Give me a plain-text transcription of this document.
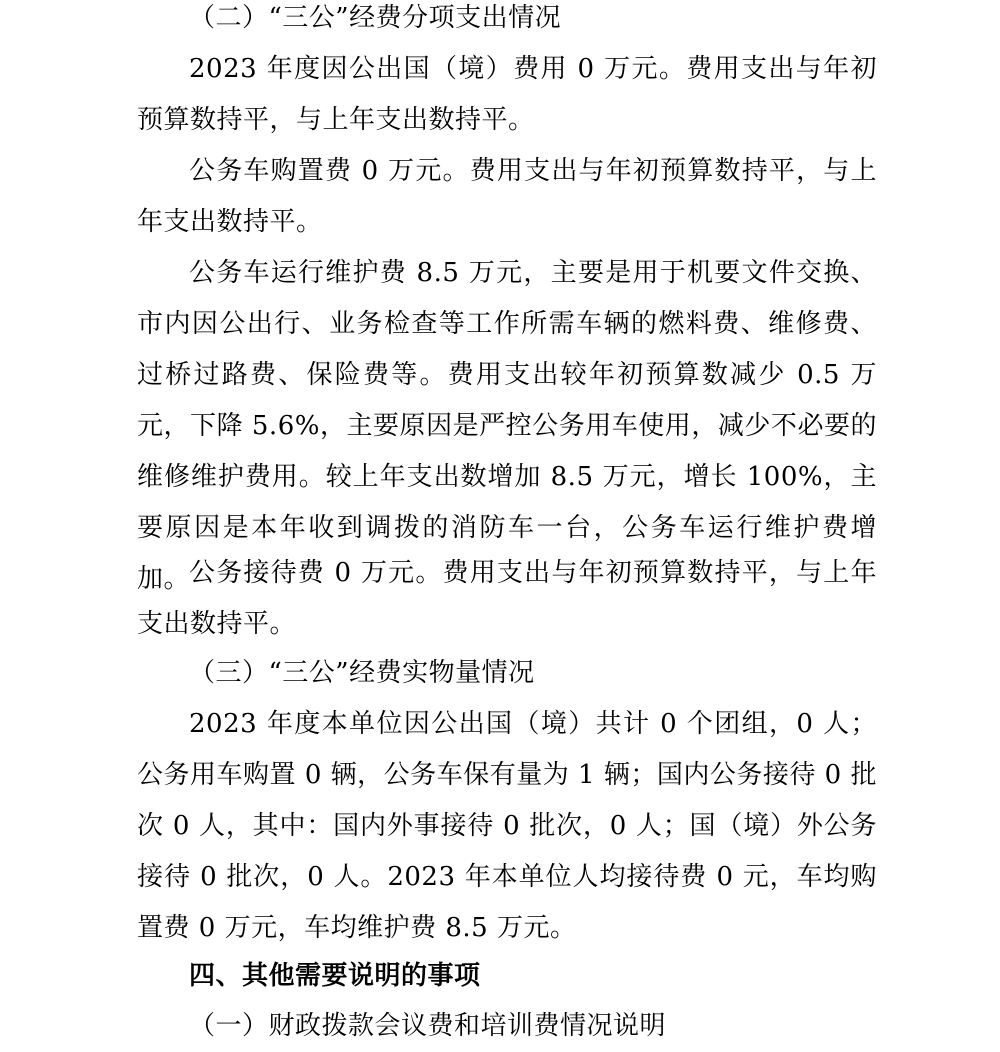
（二）“三公”经费分项支出情况

2023 年度因公出国（境）费用 0 万元。费用支出与年初预算数持平，与上年支出数持平。

公务车购置费 0 万元。费用支出与年初预算数持平，与上年支出数持平。

公务车运行维护费 8.5 万元，主要是用于机要文件交换、市内因公出行、业务检查等工作所需车辆的燃料费、维修费、过桥过路费、保险费等。费用支出较年初预算数减少 0.5 万元，下降 5.6%，主要原因是严控公务用车使用，减少不必要的维修维护费用。较上年支出数增加 8.5 万元，增长 100%，主要原因是本年收到调拨的消防车一台，公务车运行维护费增加。

公务接待费 0 万元。费用支出与年初预算数持平，与上年支出数持平。

（三）“三公”经费实物量情况

2023 年度本单位因公出国（境）共计 0 个团组，0 人；公务用车购置 0 辆，公务车保有量为 1 辆；国内公务接待 0 批次 0 人，其中：国内外事接待 0 批次，0 人；国（境）外公务接待 0 批次，0 人。2023 年本单位人均接待费 0 元，车均购置费 0 万元，车均维护费 8.5 万元。

四、其他需要说明的事项

（一）财政拨款会议费和培训费情况说明
